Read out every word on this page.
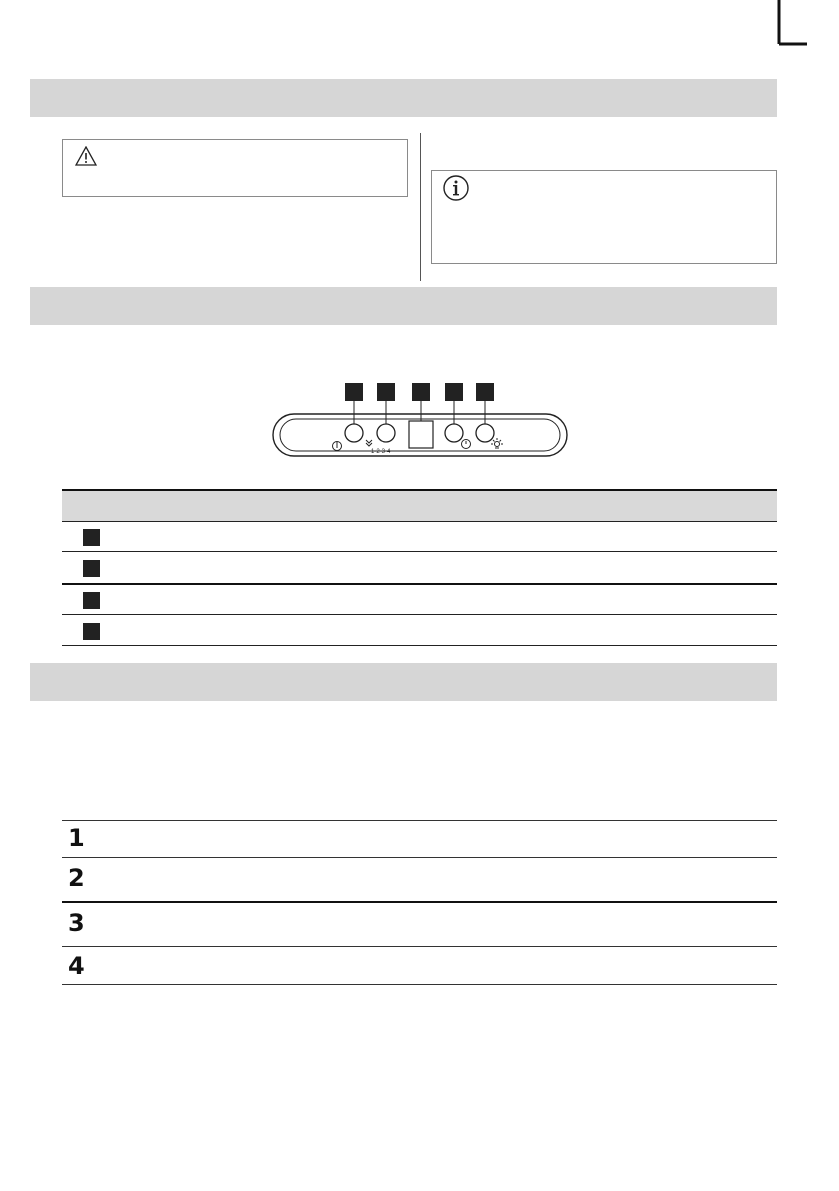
1-2-3-4
1
2
3
4
